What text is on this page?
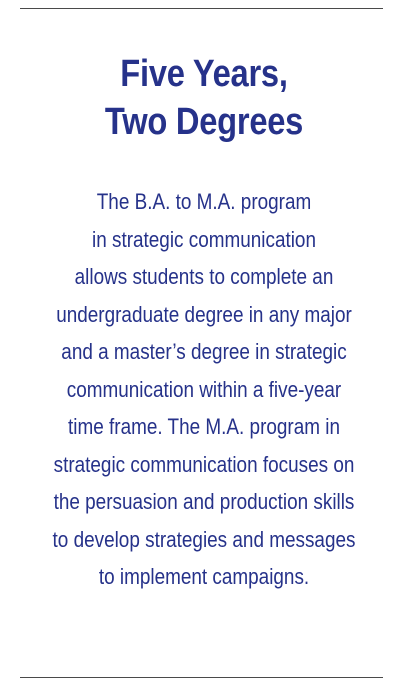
Five Years,
Two Degrees
The B.A. to M.A. program
in strategic communication
allows students to complete an
undergraduate degree in any major
and a master’s degree in strategic
communication within a five-year
time frame. The M.A. program in
strategic communication focuses on
the persuasion and production skills
to develop strategies and messages
to implement campaigns.
